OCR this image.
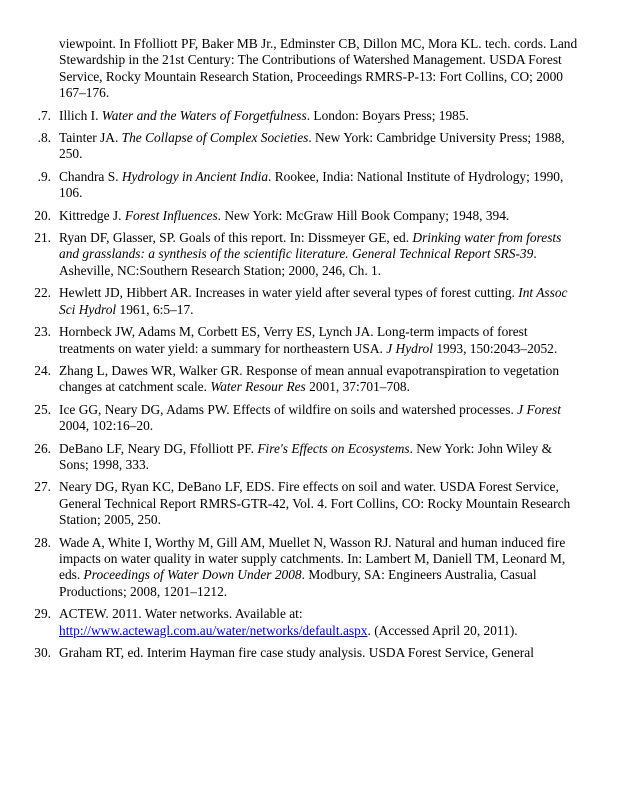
viewpoint. In Ffolliott PF, Baker MB Jr., Edminster CB, Dillon MC, Mora KL. tech. cords. Land Stewardship in the 21st Century: The Contributions of Watershed Management. USDA Forest Service, Rocky Mountain Research Station, Proceedings RMRS-P-13: Fort Collins, CO; 2000 167–176.
.7. Illich I. Water and the Waters of Forgetfulness. London: Boyars Press; 1985.
.8. Tainter JA. The Collapse of Complex Societies. New York: Cambridge University Press; 1988, 250.
.9. Chandra S. Hydrology in Ancient India. Rookee, India: National Institute of Hydrology; 1990, 106.
20. Kittredge J. Forest Influences. New York: McGraw Hill Book Company; 1948, 394.
21. Ryan DF, Glasser, SP. Goals of this report. In: Dissmeyer GE, ed. Drinking water from forests and grasslands: a synthesis of the scientific literature. General Technical Report SRS-39. Asheville, NC:Southern Research Station; 2000, 246, Ch. 1.
22. Hewlett JD, Hibbert AR. Increases in water yield after several types of forest cutting. Int Assoc Sci Hydrol 1961, 6:5–17.
23. Hornbeck JW, Adams M, Corbett ES, Verry ES, Lynch JA. Long-term impacts of forest treatments on water yield: a summary for northeastern USA. J Hydrol 1993, 150:2043–2052.
24. Zhang L, Dawes WR, Walker GR. Response of mean annual evapotranspiration to vegetation changes at catchment scale. Water Resour Res 2001, 37:701–708.
25. Ice GG, Neary DG, Adams PW. Effects of wildfire on soils and watershed processes. J Forest 2004, 102:16–20.
26. DeBano LF, Neary DG, Ffolliott PF. Fire's Effects on Ecosystems. New York: John Wiley & Sons; 1998, 333.
27. Neary DG, Ryan KC, DeBano LF, EDS. Fire effects on soil and water. USDA Forest Service, General Technical Report RMRS-GTR-42, Vol. 4. Fort Collins, CO: Rocky Mountain Research Station; 2005, 250.
28. Wade A, White I, Worthy M, Gill AM, Muellet N, Wasson RJ. Natural and human induced fire impacts on water quality in water supply catchments. In: Lambert M, Daniell TM, Leonard M, eds. Proceedings of Water Down Under 2008. Modbury, SA: Engineers Australia, Casual Productions; 2008, 1201–1212.
29. ACTEW. 2011. Water networks. Available at: http://www.actewagl.com.au/water/networks/default.aspx. (Accessed April 20, 2011).
30. Graham RT, ed. Interim Hayman fire case study analysis. USDA Forest Service, General
